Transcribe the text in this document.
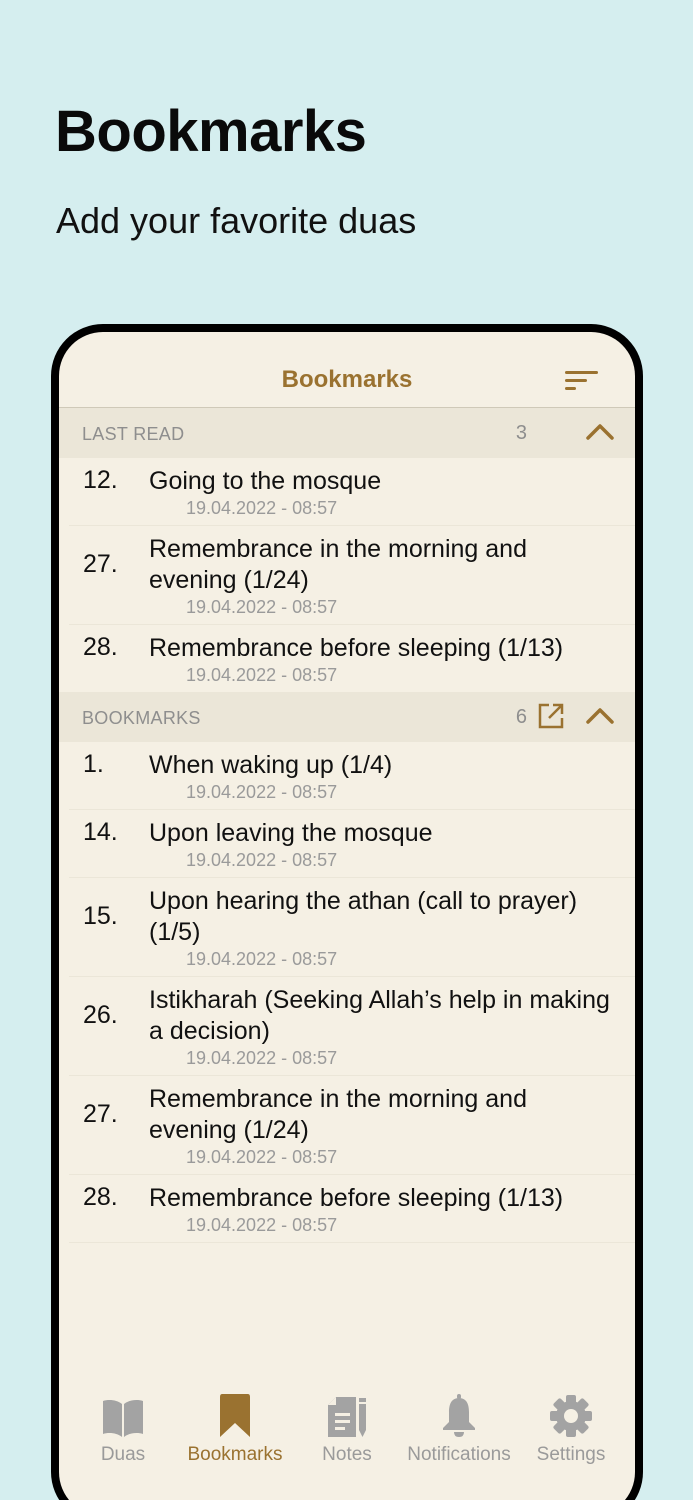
Bookmarks
Add your favorite duas
Bookmarks
LAST READ	3
12. Going to the mosque
19.04.2022 - 08:57
27.
Remembrance in the morning and evening (1/24)
19.04.2022 - 08:57
28. Remembrance before sleeping (1/13)
19.04.2022 - 08:57
BOOKMARKS	6
1. When waking up (1/4)
19.04.2022 - 08:57
14. Upon leaving the mosque
19.04.2022 - 08:57
15.
Upon hearing the athan (call to prayer) (1/5)
19.04.2022 - 08:57
26.
Istikharah (Seeking Allah’s help in making a decision)
19.04.2022 - 08:57
27.
Remembrance in the morning and evening (1/24)
19.04.2022 - 08:57
28. Remembrance before sleeping (1/13)
19.04.2022 - 08:57
Duas	Bookmarks	Notes	Notifications	Settings
